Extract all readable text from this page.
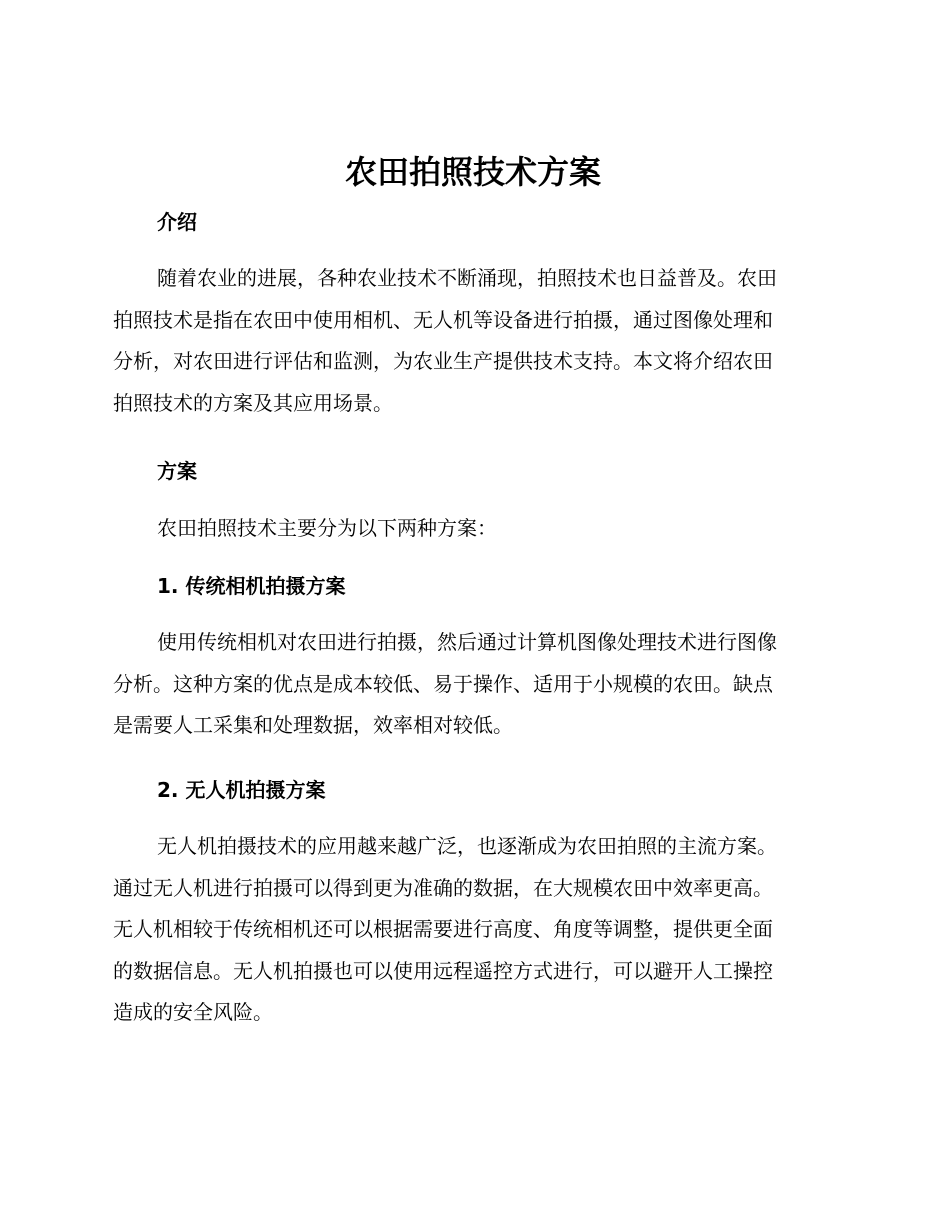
农田拍照技术方案
介绍
随着农业的进展，各种农业技术不断涌现，拍照技术也日益普及。农田
拍照技术是指在农田中使用相机、无人机等设备进行拍摄，通过图像处理和
分析，对农田进行评估和监测，为农业生产提供技术支持。本文将介绍农田
拍照技术的方案及其应用场景。
方案
农田拍照技术主要分为以下两种方案：
1. 传统相机拍摄方案
使用传统相机对农田进行拍摄，然后通过计算机图像处理技术进行图像
分析。这种方案的优点是成本较低、易于操作、适用于小规模的农田。缺点
是需要人工采集和处理数据，效率相对较低。
2. 无人机拍摄方案
无人机拍摄技术的应用越来越广泛，也逐渐成为农田拍照的主流方案。
通过无人机进行拍摄可以得到更为准确的数据，在大规模农田中效率更高。
无人机相较于传统相机还可以根据需要进行高度、角度等调整，提供更全面
的数据信息。无人机拍摄也可以使用远程遥控方式进行，可以避开人工操控
造成的安全风险。
